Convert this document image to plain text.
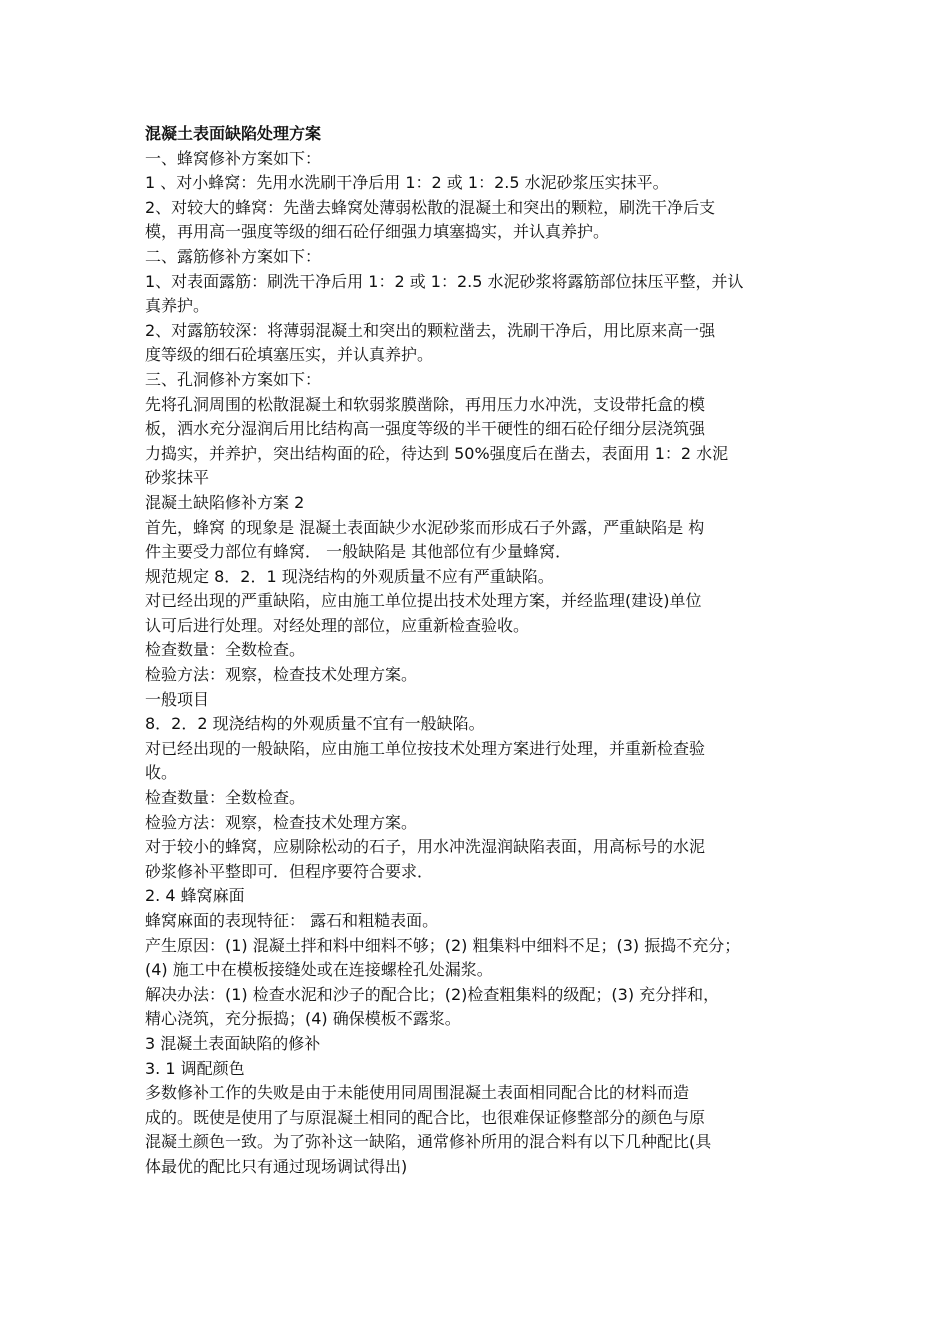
混凝土表面缺陷处理方案

一、蜂窝修补方案如下：

1 、对小蜂窝：先用水洗刷干净后用 1：2 或 1：2.5 水泥砂浆压实抹平。

2、对较大的蜂窝：先凿去蜂窝处薄弱松散的混凝土和突出的颗粒，刷洗干净后支

模，再用高一强度等级的细石砼仔细强力填塞捣实，并认真养护。

二、露筋修补方案如下：

1、对表面露筋：刷洗干净后用 1：2 或 1：2.5 水泥砂浆将露筋部位抹压平整，并认

真养护。

2、对露筋较深：将薄弱混凝土和突出的颗粒凿去，洗刷干净后，用比原来高一强

度等级的细石砼填塞压实，并认真养护。

三、孔洞修补方案如下：

先将孔洞周围的松散混凝土和软弱浆膜凿除，再用压力水冲洗，支设带托盒的模

板，洒水充分湿润后用比结构高一强度等级的半干硬性的细石砼仔细分层浇筑强

力捣实，并养护，突出结构面的砼，待达到 50%强度后在凿去，表面用 1：2 水泥

砂浆抹平

混凝土缺陷修补方案 2

首先，蜂窝 的现象是 混凝土表面缺少水泥砂浆而形成石子外露，严重缺陷是 构

件主要受力部位有蜂窝． 一般缺陷是 其他部位有少量蜂窝．

规范规定 8．2．1 现浇结构的外观质量不应有严重缺陷。

对已经出现的严重缺陷，应由施工单位提出技术处理方案，并经监理(建设)单位

认可后进行处理。对经处理的部位，应重新检查验收。

检查数量：全数检查。

检验方法：观察，检查技术处理方案。

一般项目

8．2．2 现浇结构的外观质量不宜有一般缺陷。

对已经出现的一般缺陷，应由施工单位按技术处理方案进行处理，并重新检查验

收。

检查数量：全数检查。

检验方法：观察，检查技术处理方案。

对于较小的蜂窝，应剔除松动的石子，用水冲洗湿润缺陷表面，用高标号的水泥

砂浆修补平整即可．但程序要符合要求．

2. 4 蜂窝麻面

蜂窝麻面的表现特征： 露石和粗糙表面。

产生原因：(1) 混凝土拌和料中细料不够；(2) 粗集料中细料不足；(3) 振捣不充分；

(4) 施工中在模板接缝处或在连接螺栓孔处漏浆。

解决办法：(1) 检查水泥和沙子的配合比；(2)检查粗集料的级配；(3) 充分拌和，

精心浇筑，充分振捣；(4) 确保模板不露浆。

3 混凝土表面缺陷的修补

3. 1 调配颜色

多数修补工作的失败是由于未能使用同周围混凝土表面相同配合比的材料而造

成的。既使是使用了与原混凝土相同的配合比，也很难保证修整部分的颜色与原

混凝土颜色一致。为了弥补这一缺陷，通常修补所用的混合料有以下几种配比(具

体最优的配比只有通过现场调试得出)
